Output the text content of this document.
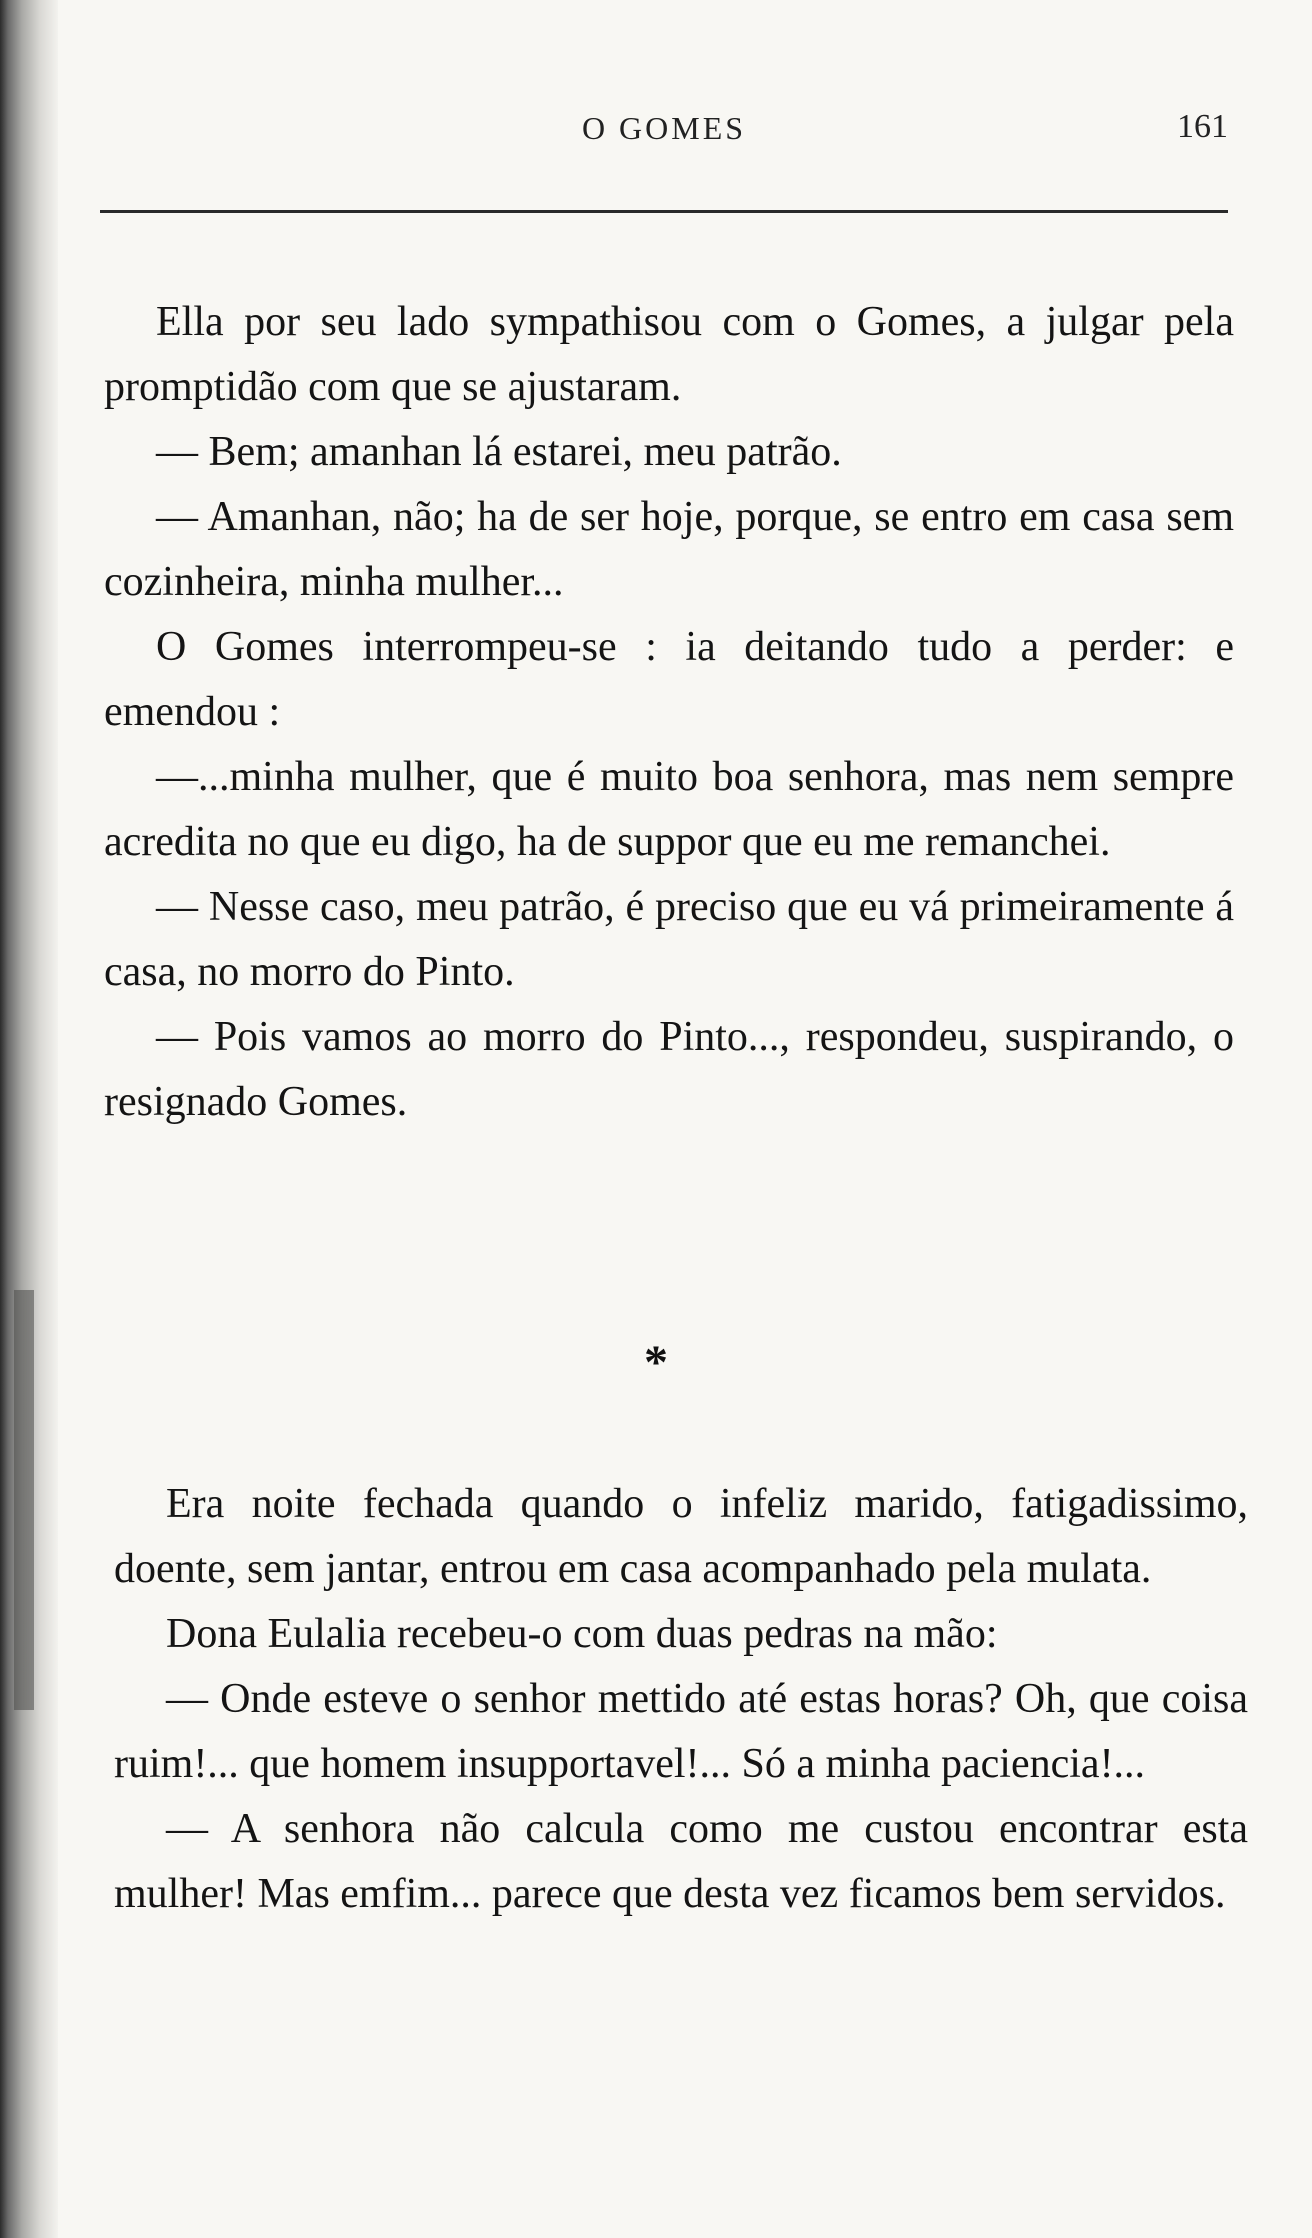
O GOMES	161

Ella por seu lado sympathisou com o Gomes, a julgar pela promptidão com que se ajustaram.

— Bem; amanhan lá estarei, meu patrão.

— Amanhan, não; ha de ser hoje, porque, se entro em casa sem cozinheira, minha mulher...

O Gomes interrompeu-se : ia deitando tudo a perder: e emendou :

—...minha mulher, que é muito boa senhora, mas nem sempre acredita no que eu digo, ha de suppor que eu me remanchei.

— Nesse caso, meu patrão, é preciso que eu vá primeiramente á casa, no morro do Pinto.

— Pois vamos ao morro do Pinto..., respondeu, suspirando, o resignado Gomes.

*

Era noite fechada quando o infeliz marido, fatigadissimo, doente, sem jantar, entrou em casa acompanhado pela mulata.

Dona Eulalia recebeu-o com duas pedras na mão:

— Onde esteve o senhor mettido até estas horas? Oh, que coisa ruim!... que homem insupportavel!... Só a minha paciencia!...

— A senhora não calcula como me custou encontrar esta mulher! Mas emfim... parece que desta vez ficamos bem servidos.
